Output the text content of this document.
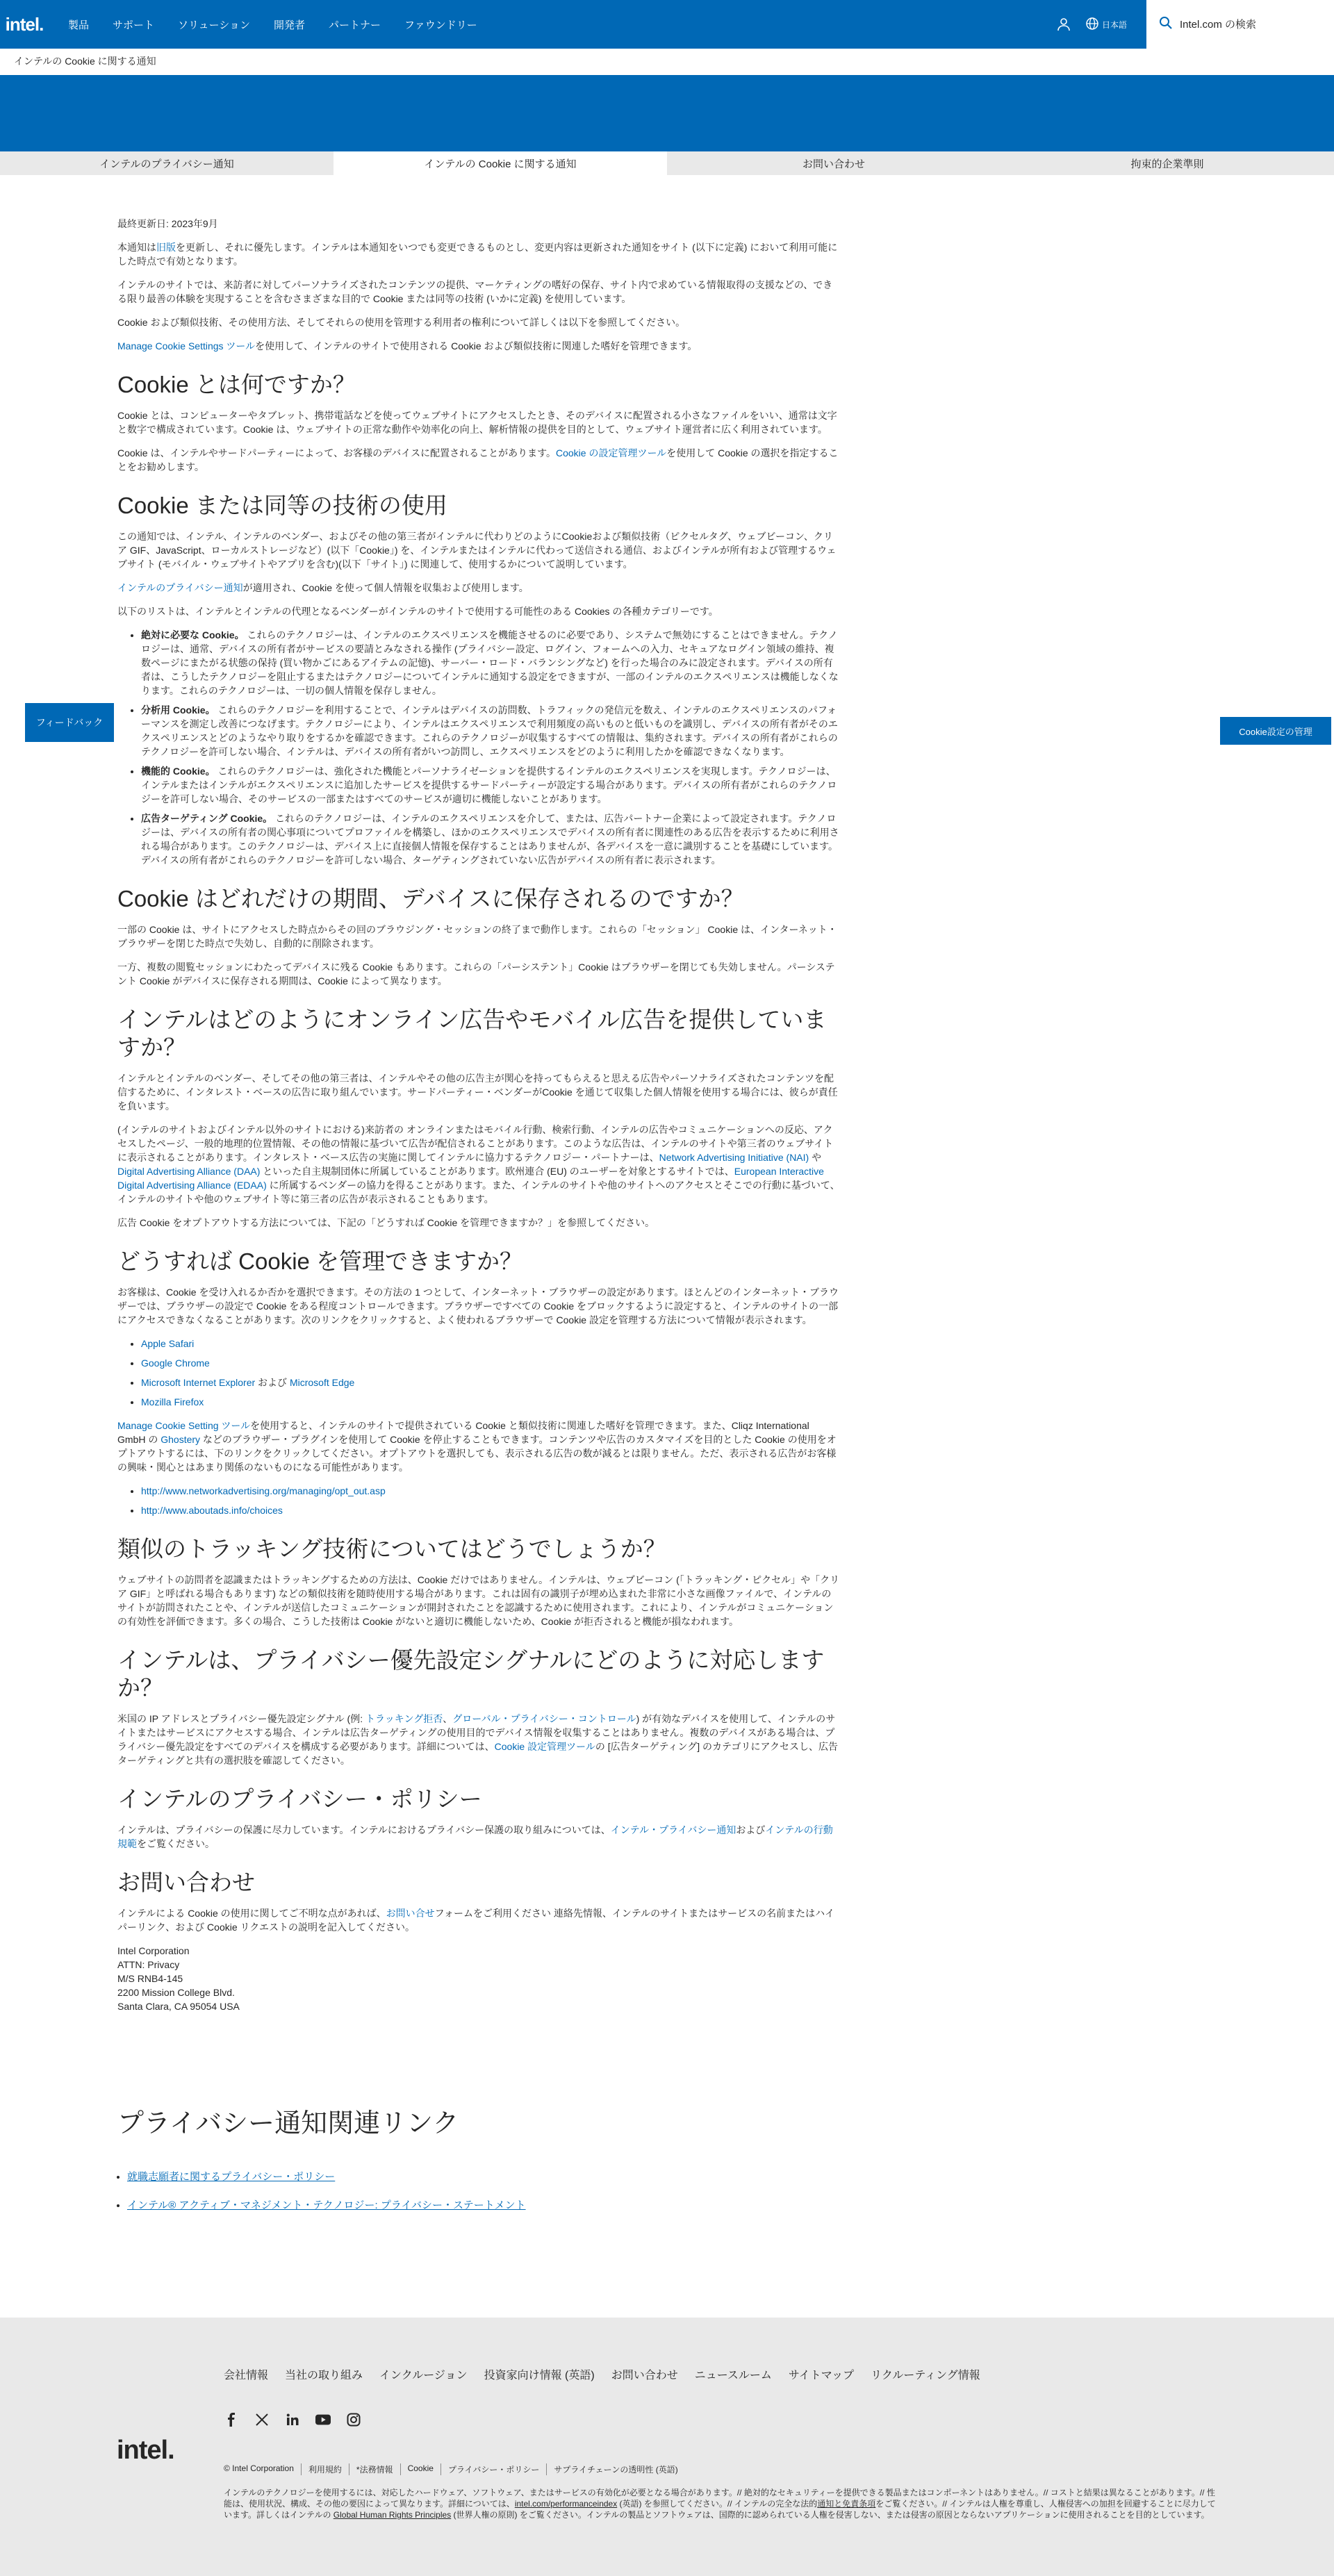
intel.	製品 サポート ソリューション 開発者 パートナー ファウンドリー	日本語
Intel.com の検索
インテルの Cookie に関する通知
インテルのプライバシー通知	インテルの Cookie に関する通知	お問い合わせ	拘束的企業準則

最終更新日: 2023年9月

本通知は旧版を更新し、それに優先します。インテルは本通知をいつでも変更できるものとし、変更内容は更新された通知をサイト (以下に定義) において利用可能にした時点で有効となります。

インテルのサイトでは、来訪者に対してパーソナライズされたコンテンツの提供、マーケティングの嗜好の保存、サイト内で求めている情報取得の支援などの、できる限り最善の体験を実現することを含むさまざまな目的で Cookie または同等の技術 (いかに定義) を使用しています。

Cookie および類似技術、その使用方法、そしてそれらの使用を管理する利用者の権利について詳しくは以下を参照してください。

Manage Cookie Settings ツールを使用して、インテルのサイトで使用される Cookie および類似技術に関連した嗜好を管理できます。

Cookie とは何ですか？

Cookie とは、コンピューターやタブレット、携帯電話などを使ってウェブサイトにアクセスしたとき、そのデバイスに配置される小さなファイルをいい、通常は文字と数字で構成されています。Cookie は、ウェブサイトの正常な動作や効率化の向上、解析情報の提供を目的として、ウェブサイト運営者に広く利用されています。

Cookie は、インテルやサードパーティーによって、お客様のデバイスに配置されることがあります。Cookie の設定管理ツールを使用して Cookie の選択を指定することをお勧めします。

Cookie または同等の技術の使用

この通知では、インテル、インテルのベンダー、およびその他の第三者がインテルに代わりどのようにCookieおよび類似技術（ピクセルタグ、ウェブビーコン、クリア GIF、JavaScript、ローカルストレージなど）(以下「Cookie」) を、インテルまたはインテルに代わって送信される通信、およびインテルが所有および管理するウェブサイト (モバイル・ウェブサイトやアプリを含む)(以下「サイト」) に関連して、使用するかについて説明しています。

インテルのプライバシー通知が適用され、Cookie を使って個人情報を収集および使用します。

以下のリストは、インテルとインテルの代理となるベンダーがインテルのサイトで使用する可能性のある Cookies の各種カテゴリーです。

• 絶対に必要な Cookie。 これらのテクノロジーは、インテルのエクスペリエンスを機能させるのに必要であり、システムで無効にすることはできません。テクノロジーは、通常、デバイスの所有者がサービスの要請とみなされる操作 (プライバシー設定、ログイン、フォームへの入力、セキュアなログイン領域の維持、複数ページにまたがる状態の保持 (買い物かごにあるアイテムの記憶)、サーバー・ロード・バランシングなど) を行った場合のみに設定されます。デバイスの所有者は、こうしたテクノロジーを阻止するまたはテクノロジーについてインテルに通知する設定をできますが、一部のインテルのエクスペリエンスは機能しなくなります。これらのテクノロジーは、一切の個人情報を保存しません。
• 分析用 Cookie。 これらのテクノロジーを利用することで、インテルはデバイスの訪問数、トラフィックの発信元を数え、インテルのエクスペリエンスのパフォーマンスを測定し改善につなげます。テクノロジーにより、インテルはエクスペリエンスで利用頻度の高いものと低いものを識別し、デバイスの所有者がそのエクスペリエンスとどのようなやり取りをするかを確認できます。これらのテクノロジーが収集するすべての情報は、集約されます。デバイスの所有者がこれらのテクノロジーを許可しない場合、インテルは、デバイスの所有者がいつ訪問し、エクスペリエンスをどのように利用したかを確認できなくなります。
• 機能的 Cookie。 これらのテクノロジーは、強化された機能とパーソナライゼーションを提供するインテルのエクスペリエンスを実現します。テクノロジーは、インテルまたはインテルがエクスペリエンスに追加したサービスを提供するサードパーティーが設定する場合があります。デバイスの所有者がこれらのテクノロジーを許可しない場合、そのサービスの一部またはすべてのサービスが適切に機能しないことがあります。
• 広告ターゲティング Cookie。 これらのテクノロジーは、インテルのエクスペリエンスを介して、または、広告パートナー企業によって設定されます。テクノロジーは、デバイスの所有者の関心事項についてプロファイルを構築し、ほかのエクスペリエンスでデバイスの所有者に関連性のある広告を表示するために利用される場合があります。このテクノロジーは、デバイス上に直接個人情報を保存することはありませんが、各デバイスを一意に識別することを基礎にしています。デバイスの所有者がこれらのテクノロジーを許可しない場合、ターゲティングされていない広告がデバイスの所有者に表示されます。
Cookie はどれだけの期間、デバイスに保存されるのですか？

一部の Cookie は、サイトにアクセスした時点からその回のブラウジング・セッションの終了まで動作します。これらの「セッション」 Cookie は、インターネット・ブラウザーを閉じた時点で失効し、自動的に削除されます。

一方、複数の閲覧セッションにわたってデバイスに残る Cookie もあります。これらの「パーシステント」Cookie はブラウザーを閉じても失効しません。パーシステント Cookie がデバイスに保存される期間は、Cookie によって異なります。

インテルはどのようにオンライン広告やモバイル広告を提供していますか？

インテルとインテルのベンダー、そしてその他の第三者は、インテルやその他の広告主が関心を持ってもらえると思える広告やパーソナライズされたコンテンツを配信するために、インタレスト・ベースの広告に取り組んでいます。サードパーティー・ベンダーがCookie を通じて収集した個人情報を使用する場合には、彼らが責任を負います。

(インテルのサイトおよびインテル以外のサイトにおける)来訪者の オンラインまたはモバイル行動、検索行動、インテルの広告やコミュニケーションへの反応、アクセスしたページ、一般的地理的位置情報、その他の情報に基づいて広告が配信されることがあります。このような広告は、インテルのサイトや第三者のウェブサイトに表示されることがあります。インタレスト・ベース広告の実施に関してインテルに協力するテクノロジー・パートナーは、Network Advertising Initiative (NAI) や Digital Advertising Alliance (DAA) といった自主規制団体に所属していることがあります。欧州連合 (EU) のユーザーを対象とするサイトでは、European Interactive Digital Advertising Alliance (EDAA) に所属するベンダーの協力を得ることがあります。また、インテルのサイトや他のサイトへのアクセスとそこでの行動に基づいて、インテルのサイトや他のウェブサイト等に第三者の広告が表示されることもあります。

広告 Cookie をオプトアウトする方法については、下記の「どうすれば Cookie を管理できますか？」を参照してください。

どうすれば Cookie を管理できますか？

お客様は、Cookie を受け入れるか否かを選択できます。その方法の 1 つとして、インターネット・ブラウザーの設定があります。ほとんどのインターネット・ブラウザーでは、ブラウザーの設定で Cookie をある程度コントロールできます。ブラウザーですべての Cookie をブロックするように設定すると、インテルのサイトの一部にアクセスできなくなることがあります。次のリンクをクリックすると、よく使われるブラウザーで Cookie 設定を管理する方法について情報が表示されます。

• Apple Safari
• Google Chrome
• Microsoft Internet Explorer および Microsoft Edge
• Mozilla Firefox

Manage Cookie Setting ツールを使用すると、インテルのサイトで提供されている Cookie と類似技術に関連した嗜好を管理できます。また、Cliqz International GmbH の Ghostery などのブラウザー・プラグインを使用して Cookie を停止することもできます。コンテンツや広告のカスタマイズを目的とした Cookie の使用をオプトアウトするには、下のリンクをクリックしてください。オプトアウトを選択しても、表示される広告の数が減るとは限りません。ただ、表示される広告がお客様の興味・関心とはあまり関係のないものになる可能性があります。

• http://www.networkadvertising.org/managing/opt_out.asp
• http://www.aboutads.info/choices
類似のトラッキング技術についてはどうでしょうか？

ウェブサイトの訪問者を認識またはトラッキングするための方法は、Cookie だけではありません。インテルは、ウェブビーコン (「トラッキング・ピクセル」や「クリア GIF」と呼ばれる場合もあります) などの類似技術を随時使用する場合があります。これは固有の識別子が埋め込まれた非常に小さな画像ファイルで、インテルのサイトが訪問されたことや、インテルが送信したコミュニケーションが開封されたことを認識するために使用されます。これにより、インテルがコミュニケーションの有効性を評価できます。多くの場合、こうした技術は Cookie がないと適切に機能しないため、Cookie が拒否されると機能が損なわれます。

インテルは、プライバシー優先設定シグナルにどのように対応しますか？

米国の IP アドレスとプライバシー優先設定シグナル (例: トラッキング拒否、グローバル・プライバシー・コントロール) が有効なデバイスを使用して、インテルのサイトまたはサービスにアクセスする場合、インテルは広告ターゲティングの使用目的でデバイス情報を収集することはありません。複数のデバイスがある場合は、プライバシー優先設定をすべてのデバイスを構成する必要があります。詳細については、Cookie 設定管理ツールの [広告ターゲティング] のカテゴリにアクセスし、広告ターゲティングと共有の選択肢を確認してください。

インテルのプライバシー・ポリシー

インテルは、プライバシーの保護に尽力しています。インテルにおけるプライバシー保護の取り組みについては、インテル・プライバシー通知およびインテルの行動規範をご覧ください。

お問い合わせ

インテルによる Cookie の使用に関してご不明な点があれば、お問い合せフォームをご利用ください 連絡先情報、インテルのサイトまたはサービスの名前またはハイパーリンク、および Cookie リクエストの説明を記入してください。

Intel Corporation

ATTN: Privacy

M/S RNB4-145

2200 Mission College Blvd.

Santa Clara, CA 95054 USA

プライバシー通知関連リンク
• 就職志願者に関するプライバシー・ポリシー
• インテル® アクティブ・マネジメント・テクノロジー: プライバシー・ステートメント
フィードバック
Cookie設定の管理
会社情報 当社の取り組み インクルージョン 投資家向け情報 (英語) お問い合わせ ニュースルーム サイトマップ リクルーティング情報
intel.
© Intel Corporation	利用規約	*法務情報	Cookie	プライバシー・ポリシー	サプライチェーンの透明性 (英語)
インテルのテクノロジーを使用するには、対応したハードウェア、ソフトウェア、またはサービスの有効化が必要となる場合があります。// 絶対的なセキュリティーを提供できる製品またはコンポーネントはありません。// コストと結果は異なることがあります。// 性能は、使用状況、構成、その他の要因によって異なります。詳細については、intel.com/performanceindex (英語) を参照してください。// インテルの完全な法的通知と免責条項をご覧ください。// インテルは人権を尊重し、人権侵害への加担を回避することに尽力しています。詳しくはインテルの Global Human Rights Principles (世界人権の原則) をご覧ください。インテルの製品とソフトウェアは、国際的に認められている人権を侵害しない、または侵害の原因とならないアプリケーションに使用されることを目的としています。
